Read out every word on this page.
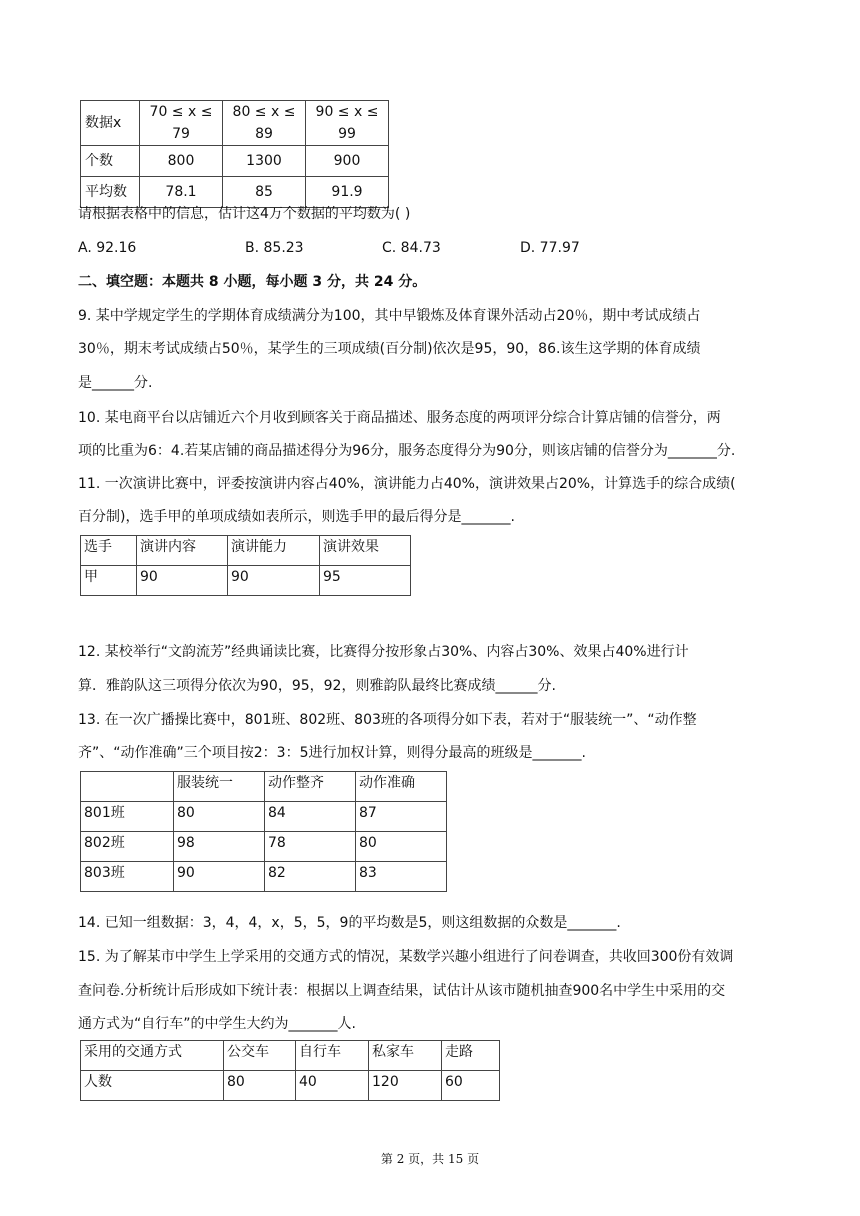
数据x	70 ≤ x ≤ 79	80 ≤ x ≤ 89	90 ≤ x ≤ 99
个数	800	1300	900
平均数	78.1	85	91.9
请根据表格中的信息，估计这4万个数据的平均数为( )
A. 92.16	B. 85.23	C. 84.73	D. 77.97
二、填空题：本题共 8 小题，每小题 3 分，共 24 分。
9. 某中学规定学生的学期体育成绩满分为100，其中早锻炼及体育课外活动占20％，期中考试成绩占
30％，期末考试成绩占50％，某学生的三项成绩(百分制)依次是95，90，86.该生这学期的体育成绩
是______分.
10. 某电商平台以店铺近六个月收到顾客关于商品描述、服务态度的两项评分综合计算店铺的信誉分，两
项的比重为6：4.若某店铺的商品描述得分为96分，服务态度得分为90分，则该店铺的信誉分为_______分.
11. 一次演讲比赛中，评委按演讲内容占40%，演讲能力占40%，演讲效果占20%，计算选手的综合成绩(
百分制)，选手甲的单项成绩如表所示，则选手甲的最后得分是_______.
选手	演讲内容	演讲能力	演讲效果
甲	90	90	95
12. 某校举行“文韵流芳”经典诵读比赛，比赛得分按形象占30%、内容占30%、效果占40%进行计
算．雅韵队这三项得分依次为90，95，92，则雅韵队最终比赛成绩______分.
13. 在一次广播操比赛中，801班、802班、803班的各项得分如下表，若对于“服装统一”、“动作整
齐”、“动作准确”三个项目按2：3：5进行加权计算，则得分最高的班级是_______.
	服装统一	动作整齐	动作准确
801班	80	84	87
802班	98	78	80
803班	90	82	83
14. 已知一组数据：3，4，4，x，5，5，9的平均数是5，则这组数据的众数是_______.
15. 为了解某市中学生上学采用的交通方式的情况，某数学兴趣小组进行了问卷调查，共收回300份有效调
查问卷.分析统计后形成如下统计表：根据以上调查结果，试估计从该市随机抽查900名中学生中采用的交
通方式为“自行车”的中学生大约为_______人.
采用的交通方式	公交车	自行车	私家车	走路
人数	80	40	120	60
第 2 页，共 15 页
